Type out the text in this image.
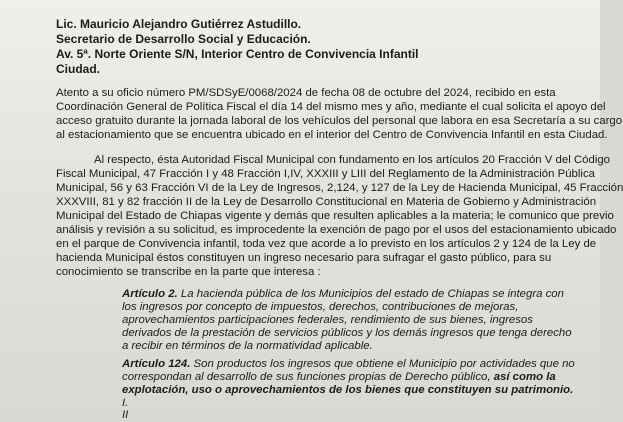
Lic. Mauricio Alejandro Gutiérrez Astudillo.
Secretario de Desarrollo Social y Educación.
Av. 5ª. Norte Oriente S/N, Interior Centro de Convivencia Infantil
Ciudad.
Atento a su oficio número PM/SDSyE/0068/2024 de fecha 08 de octubre del 2024, recibido en esta
Coordinación General de Política Fiscal el día 14 del mismo mes y año, mediante el cual solicita el apoyo del
acceso gratuito durante la jornada laboral de los vehículos del personal que labora en esa Secretaría a su cargo
al estacionamiento que se encuentra ubicado en el interior del Centro de Convivencia Infantil en esta Ciudad.
Al respecto, ésta Autoridad Fiscal Municipal con fundamento en los artículos 20 Fracción V del Código
Fiscal Municipal, 47 Fracción I y 48 Fracción I,IV, XXXIII y LIII del Reglamento de la Administración Pública
Municipal, 56 y 63 Fracción VI de la Ley de Ingresos, 2,124, y 127 de la Ley de Hacienda Municipal, 45 Fracción
XXXVIII, 81 y 82 fracción II de la Ley de Desarrollo Constitucional en Materia de Gobierno y Administración
Municipal del Estado de Chiapas vigente y demás que resulten aplicables a la materia; le comunico que previo
análisis y revisión a su solicitud, es improcedente la exención de pago por el usos del estacionamiento ubicado
en el parque de Convivencia infantil, toda vez que acorde a lo previsto en los artículos 2 y 124 de la Ley de
hacienda Municipal éstos constituyen un ingreso necesario para sufragar el gasto público, para su
conocimiento se transcribe en la parte que interesa :
Artículo 2. La hacienda pública de los Municipios del estado de Chiapas se integra con
los ingresos por concepto de impuestos, derechos, contribuciones de mejoras,
aprovechamientos participaciones federales, rendimiento de sus bienes, ingresos
derivados de la prestación de servicios públicos y los demás ingresos que tenga derecho
a recibir en términos de la normatividad aplicable.
Artículo 124. Son productos los ingresos que obtiene el Municipio por actividades que no
correspondan al desarrollo de sus funciones propias de Derecho público, así como la
explotación, uso o aprovechamientos de los bienes que constituyen su patrimonio.
I.
II
